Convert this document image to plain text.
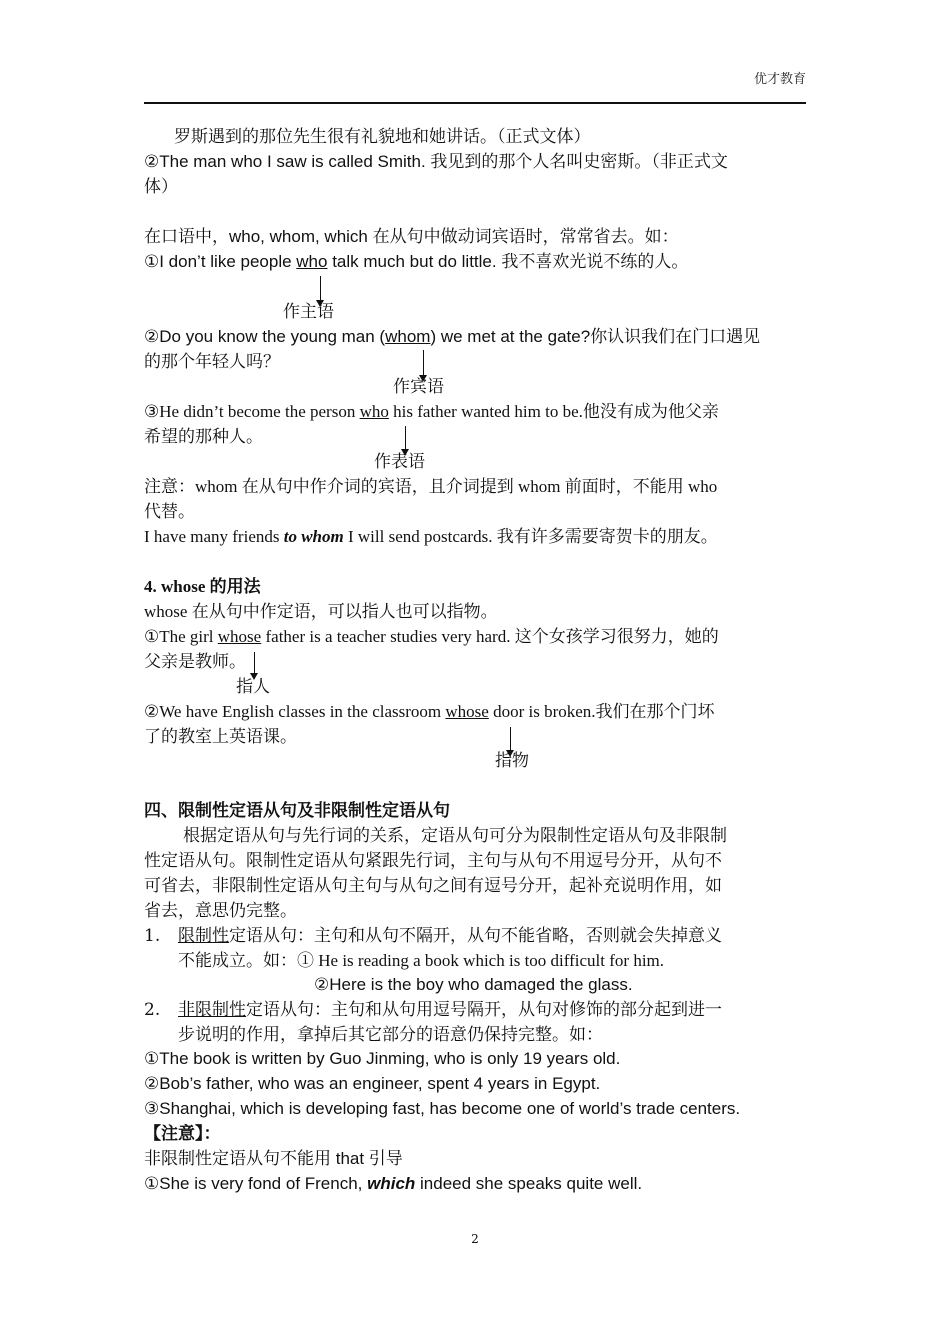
优才教育
罗斯遇到的那位先生很有礼貌地和她讲话。（正式文体）
②The man who I saw is called Smith. 我见到的那个人名叫史密斯。（非正式文
体）
在口语中，who, whom, which 在从句中做动词宾语时，常常省去。如：
①I don’t like people who talk much but do little. 我不喜欢光说不练的人。
作主语
②Do you know the young man (whom) we met at the gate?你认识我们在门口遇见
的那个年轻人吗？
作宾语
③He didn’t become the person who his father wanted him to be.他没有成为他父亲
希望的那种人。
作表语
注意：whom 在从句中作介词的宾语，且介词提到 whom 前面时，不能用 who
代替。
I have many friends to whom I will send postcards. 我有许多需要寄贺卡的朋友。
4. whose 的用法
whose 在从句中作定语，可以指人也可以指物。
①The girl whose father is a teacher studies very hard. 这个女孩学习很努力，她的
父亲是教师。
指人
②We have English classes in the classroom whose door is broken.我们在那个门坏
了的教室上英语课。
指物
四、限制性定语从句及非限制性定语从句
根据定语从句与先行词的关系，定语从句可分为限制性定语从句及非限制
性定语从句。限制性定语从句紧跟先行词，主句与从句不用逗号分开，从句不
可省去，非限制性定语从句主句与从句之间有逗号分开，起补充说明作用，如
省去，意思仍完整。
1. 限制性定语从句：主句和从句不隔开，从句不能省略，否则就会失掉意义
不能成立。如：① He is reading a book which is too difficult for him.
②Here is the boy who damaged the glass.
2. 非限制性定语从句：主句和从句用逗号隔开，从句对修饰的部分起到进一
步说明的作用，拿掉后其它部分的语意仍保持完整。如：
①The book is written by Guo Jinming, who is only 19 years old.
②Bob’s father, who was an engineer, spent 4 years in Egypt.
③Shanghai, which is developing fast, has become one of world’s trade centers.
【注意】：
非限制性定语从句不能用 that 引导
①She is very fond of French, which indeed she speaks quite well.
2
